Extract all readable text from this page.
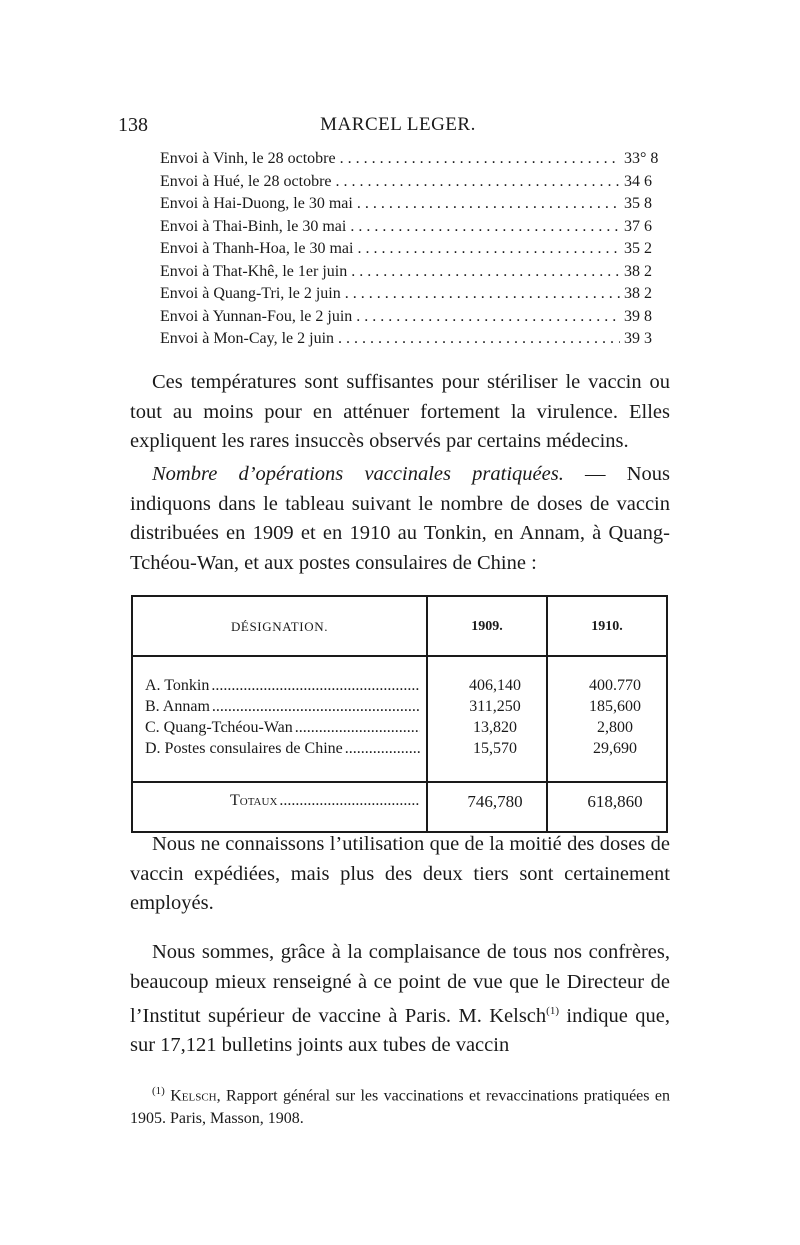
138	MARCEL LEGER.
Envoi à Vinh, le 28 octobre . . .	33° 8
Envoi à Hué, le 28 octobre . . .	34 6
Envoi à Hai-Duong, le 30 mai . . .	35 8
Envoi à Thai-Binh, le 30 mai . . .	37 6
Envoi à Thanh-Hoa, le 30 mai . . .	35 2
Envoi à That-Khê, le 1er juin . . .	38 2
Envoi à Quang-Tri, le 2 juin . . .	38 2
Envoi à Yunnan-Fou, le 2 juin . . .	39 8
Envoi à Mon-Cay, le 2 juin . . .	39 3

Ces températures sont suffisantes pour stériliser le vaccin ou tout au moins pour en atténuer fortement la virulence. Elles expliquent les rares insuccès observés par certains médecins.

Nombre d’opérations vaccinales pratiquées. — Nous indiquons dans le tableau suivant le nombre de doses de vaccin distribuées en 1909 et en 1910 au Tonkin, en Annam, à Quang-Tchéou-Wan, et aux postes consulaires de Chine :

DÉSIGNATION.	1909.	1910.
A. Tonkin .....	406,140	400.770
B. Annam .....	311,250	185,600
C. Quang-Tchéou-Wan .....	13,820	2,800
D. Postes consulaires de Chine .....	15,570	29,690
Totaux .....	746,780	618,860

Nous ne connaissons l’utilisation que de la moitié des doses de vaccin expédiées, mais plus des deux tiers sont certainement employés.

Nous sommes, grâce à la complaisance de tous nos confrères, beaucoup mieux renseigné à ce point de vue que le Directeur de l’Institut supérieur de vaccine à Paris. M. Kelsch$^{(1)}$ indique que, sur 17,121 bulletins joints aux tubes de vaccin

$^{(1)}$ Kelsch, Rapport général sur les vaccinations et revaccinations pratiquées en 1905. Paris, Masson, 1908.
